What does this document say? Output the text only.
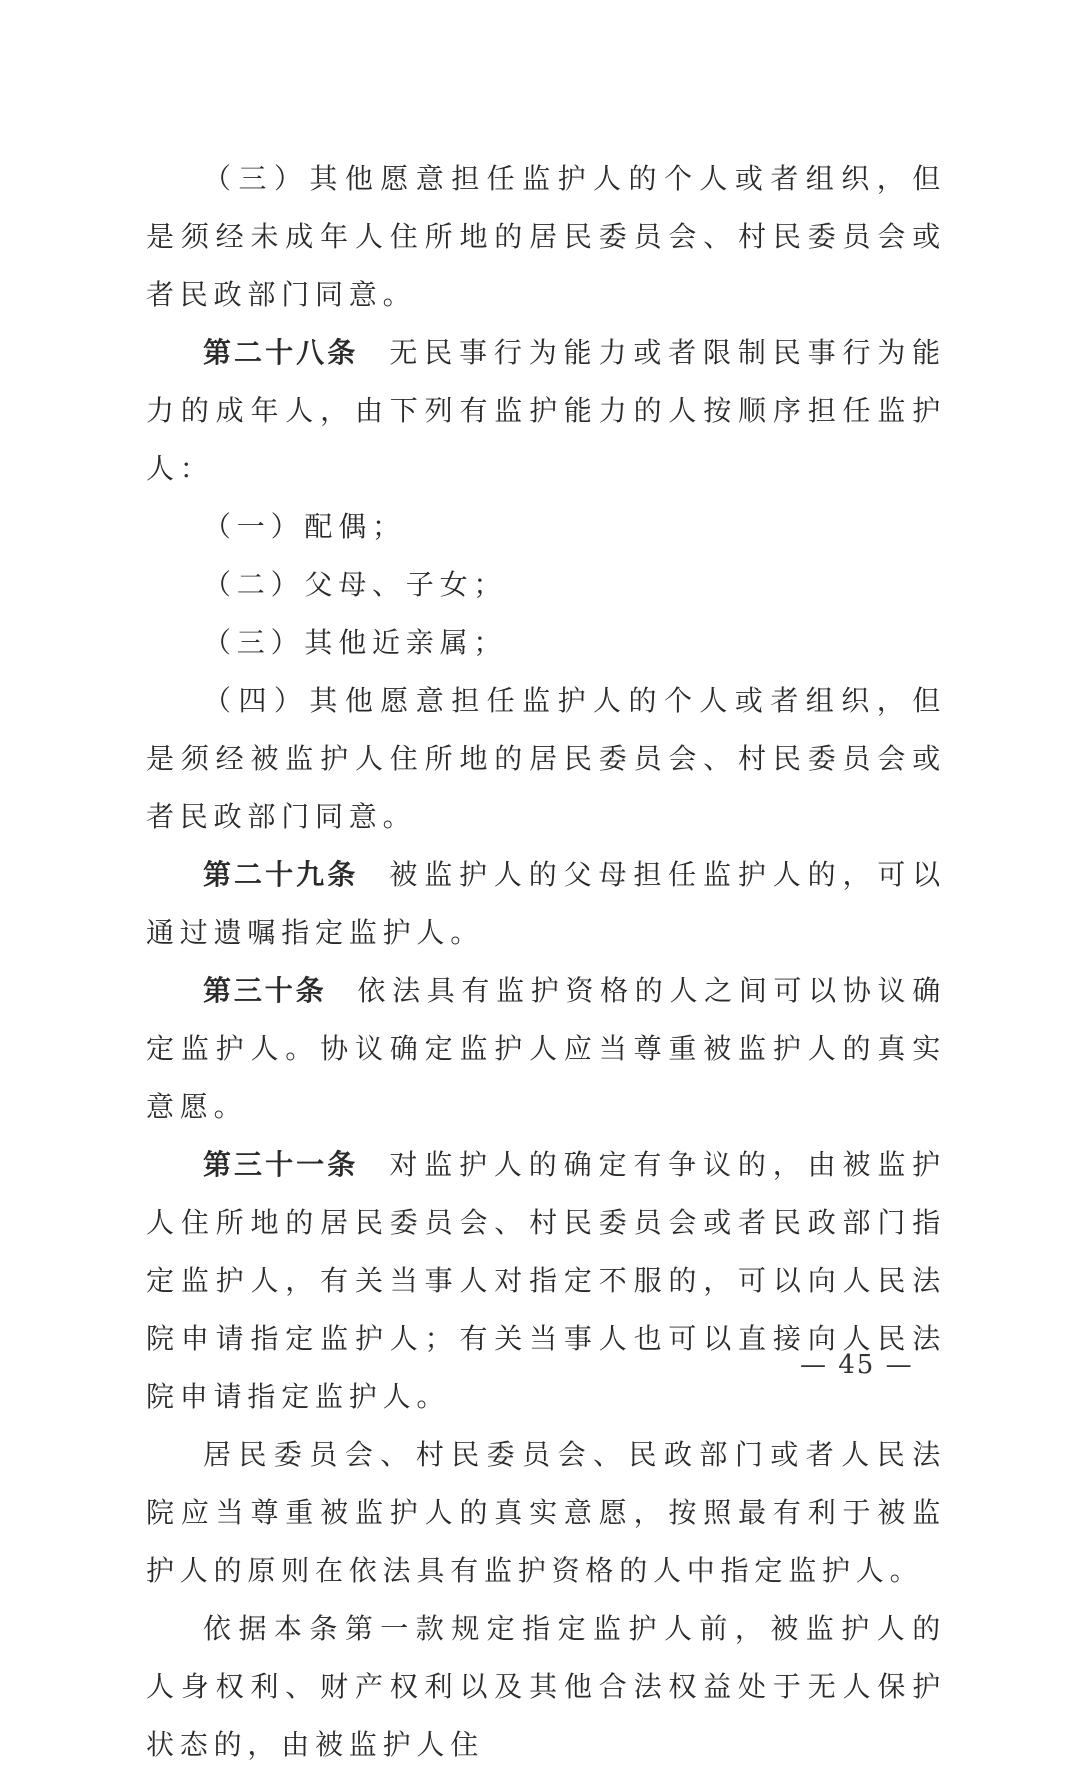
（三）其他愿意担任监护人的个人或者组织，但是须经未成年人住所地的居民委员会、村民委员会或者民政部门同意。

第二十八条 无民事行为能力或者限制民事行为能力的成年人，由下列有监护能力的人按顺序担任监护人：

（一）配偶；

（二）父母、子女；

（三）其他近亲属；

（四）其他愿意担任监护人的个人或者组织，但是须经被监护人住所地的居民委员会、村民委员会或者民政部门同意。

第二十九条 被监护人的父母担任监护人的，可以通过遗嘱指定监护人。

第三十条 依法具有监护资格的人之间可以协议确定监护人。协议确定监护人应当尊重被监护人的真实意愿。

第三十一条 对监护人的确定有争议的，由被监护人住所地的居民委员会、村民委员会或者民政部门指定监护人，有关当事人对指定不服的，可以向人民法院申请指定监护人；有关当事人也可以直接向人民法院申请指定监护人。

居民委员会、村民委员会、民政部门或者人民法院应当尊重被监护人的真实意愿，按照最有利于被监护人的原则在依法具有监护资格的人中指定监护人。

依据本条第一款规定指定监护人前，被监护人的人身权利、财产权利以及其他合法权益处于无人保护状态的，由被监护人住

— 45 —
